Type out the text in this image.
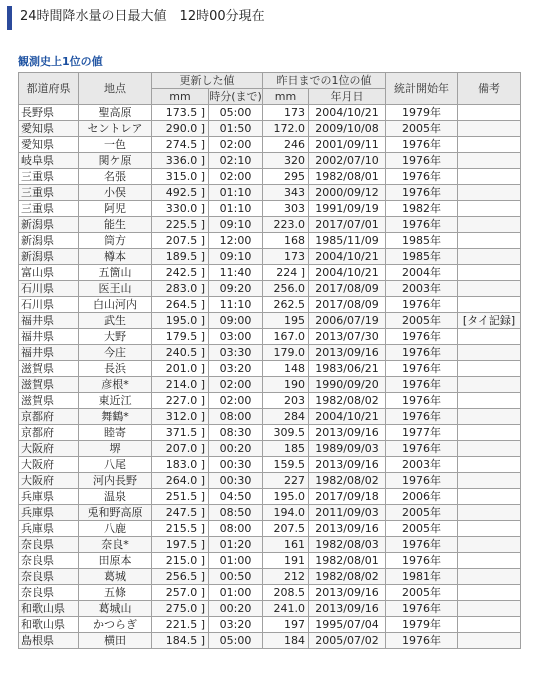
24時間降水量の日最大値　12時00分現在
観測史上1位の値
都道府県	地点	更新した値		昨日までの1位の値		統計開始年	備考
		mm	時分(まで)	mm	年月日		
長野県	聖高原	173.5 ]	05:00	173	2004/10/21	1979年	
愛知県	セントレア	290.0 ]	01:50	172.0	2009/10/08	2005年	
愛知県	一色	274.5 ]	02:00	246	2001/09/11	1976年	
岐阜県	関ケ原	336.0 ]	02:10	320	2002/07/10	1976年	
三重県	名張	315.0 ]	02:00	295	1982/08/01	1976年	
三重県	小俣	492.5 ]	01:10	343	2000/09/12	1976年	
三重県	阿児	330.0 ]	01:10	303	1991/09/19	1982年	
新潟県	能生	225.5 ]	09:10	223.0	2017/07/01	1976年	
新潟県	筒方	207.5 ]	12:00	168	1985/11/09	1985年	
新潟県	樽本	189.5 ]	09:10	173	2004/10/21	1985年	
富山県	五箇山	242.5 ]	11:40	224 ]	2004/10/21	2004年	
石川県	医王山	283.0 ]	09:20	256.0	2017/08/09	2003年	
石川県	白山河内	264.5 ]	11:10	262.5	2017/08/09	1976年	
福井県	武生	195.0 ]	09:00	195	2006/07/19	2005年	[タイ記録]
福井県	大野	179.5 ]	03:00	167.0	2013/07/30	1976年	
福井県	今庄	240.5 ]	03:30	179.0	2013/09/16	1976年	
滋賀県	長浜	201.0 ]	03:20	148	1983/06/21	1976年	
滋賀県	彦根*	214.0 ]	02:00	190	1990/09/20	1976年	
滋賀県	東近江	227.0 ]	02:00	203	1982/08/02	1976年	
京都府	舞鶴*	312.0 ]	08:00	284	2004/10/21	1976年	
京都府	睦寄	371.5 ]	08:30	309.5	2013/09/16	1977年	
大阪府	堺	207.0 ]	00:20	185	1989/09/03	1976年	
大阪府	八尾	183.0 ]	00:30	159.5	2013/09/16	2003年	
大阪府	河内長野	264.0 ]	00:30	227	1982/08/02	1976年	
兵庫県	温泉	251.5 ]	04:50	195.0	2017/09/18	2006年	
兵庫県	兎和野高原	247.5 ]	08:50	194.0	2011/09/03	2005年	
兵庫県	八鹿	215.5 ]	08:00	207.5	2013/09/16	2005年	
奈良県	奈良*	197.5 ]	01:20	161	1982/08/03	1976年	
奈良県	田原本	215.0 ]	01:00	191	1982/08/01	1976年	
奈良県	葛城	256.5 ]	00:50	212	1982/08/02	1981年	
奈良県	五條	257.0 ]	01:00	208.5	2013/09/16	2005年	
和歌山県	葛城山	275.0 ]	00:20	241.0	2013/09/16	1976年	
和歌山県	かつらぎ	221.5 ]	03:20	197	1995/07/04	1979年	
島根県	横田	184.5 ]	05:00	184	2005/07/02	1976年	
